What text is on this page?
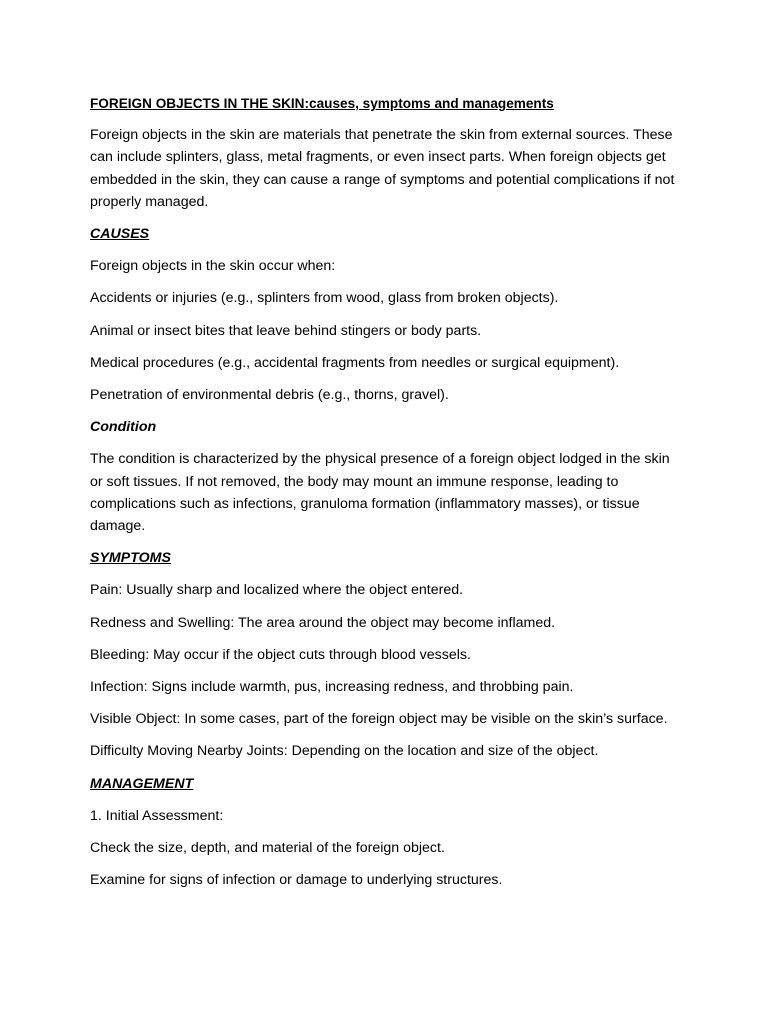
FOREIGN OBJECTS IN THE SKIN:causes, symptoms and managements

Foreign objects in the skin are materials that penetrate the skin from external sources. These can include splinters, glass, metal fragments, or even insect parts. When foreign objects get embedded in the skin, they can cause a range of symptoms and potential complications if not properly managed.

CAUSES

Foreign objects in the skin occur when:

Accidents or injuries (e.g., splinters from wood, glass from broken objects).

Animal or insect bites that leave behind stingers or body parts.

Medical procedures (e.g., accidental fragments from needles or surgical equipment).

Penetration of environmental debris (e.g., thorns, gravel).

Condition

The condition is characterized by the physical presence of a foreign object lodged in the skin or soft tissues. If not removed, the body may mount an immune response, leading to complications such as infections, granuloma formation (inflammatory masses), or tissue damage.

SYMPTOMS

Pain: Usually sharp and localized where the object entered.

Redness and Swelling: The area around the object may become inflamed.

Bleeding: May occur if the object cuts through blood vessels.

Infection: Signs include warmth, pus, increasing redness, and throbbing pain.

Visible Object: In some cases, part of the foreign object may be visible on the skin’s surface.

Difficulty Moving Nearby Joints: Depending on the location and size of the object.

MANAGEMENT

1. Initial Assessment:

Check the size, depth, and material of the foreign object.

Examine for signs of infection or damage to underlying structures.
